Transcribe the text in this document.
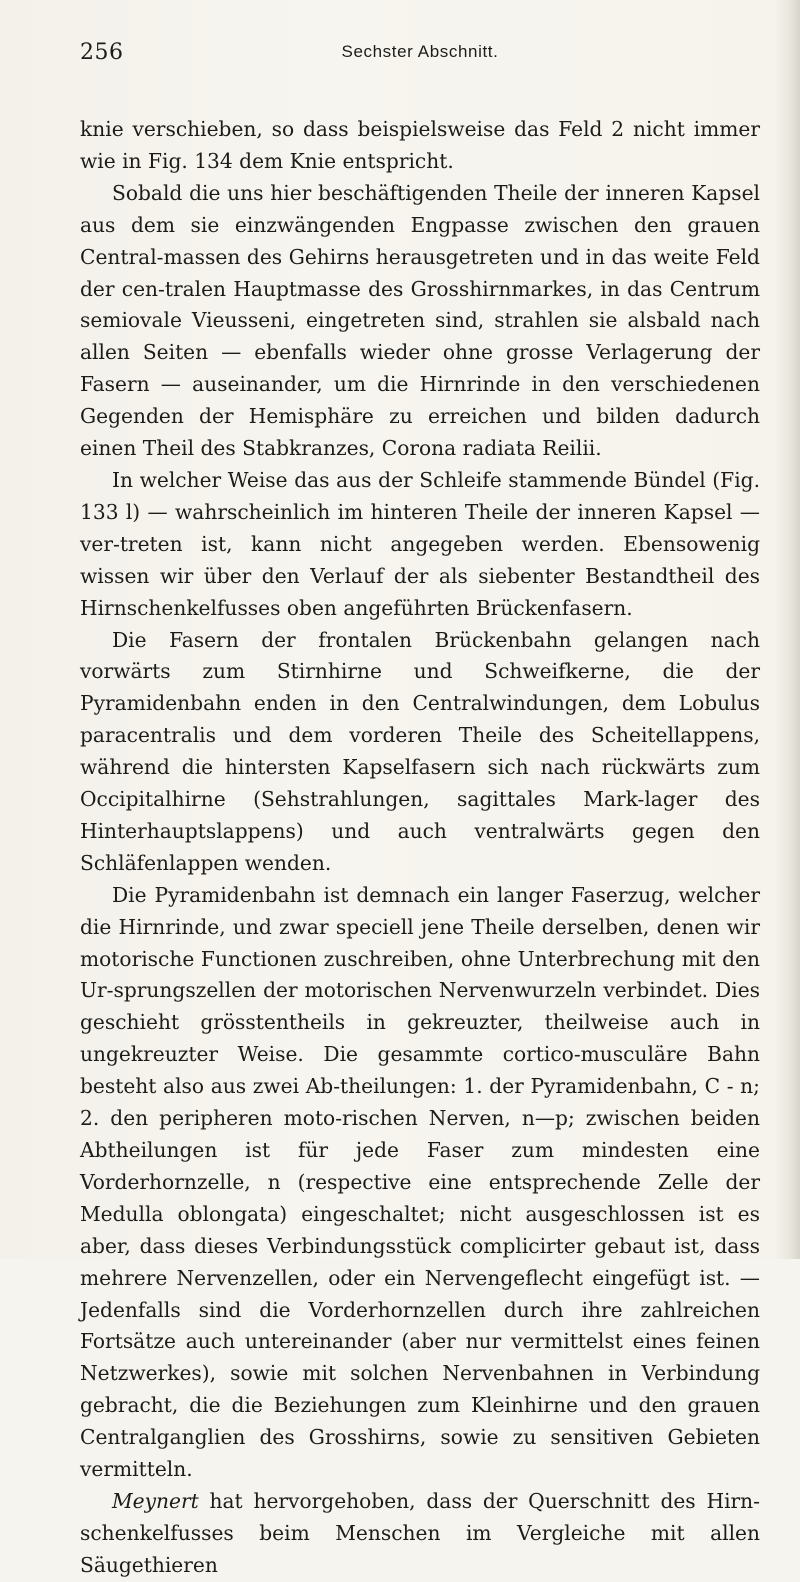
256	Sechster Abschnitt.

knie verschieben, so dass beispielsweise das Feld 2 nicht immer wie in Fig. 134 dem Knie entspricht.

Sobald die uns hier beschäftigenden Theile der inneren Kapsel aus dem sie einzwängenden Engpasse zwischen den grauen Central-massen des Gehirns herausgetreten und in das weite Feld der cen-tralen Hauptmasse des Grosshirnmarkes, in das Centrum semiovale Vieusseni, eingetreten sind, strahlen sie alsbald nach allen Seiten — ebenfalls wieder ohne grosse Verlagerung der Fasern — auseinander, um die Hirnrinde in den verschiedenen Gegenden der Hemisphäre zu erreichen und bilden dadurch einen Theil des Stabkranzes, Corona radiata Reilii.

In welcher Weise das aus der Schleife stammende Bündel (Fig. 133 l) — wahrscheinlich im hinteren Theile der inneren Kapsel — ver-treten ist, kann nicht angegeben werden. Ebensowenig wissen wir über den Verlauf der als siebenter Bestandtheil des Hirnschenkelfusses oben angeführten Brückenfasern.

Die Fasern der frontalen Brückenbahn gelangen nach vorwärts zum Stirnhirne und Schweifkerne, die der Pyramidenbahn enden in den Centralwindungen, dem Lobulus paracentralis und dem vorderen Theile des Scheitellappens, während die hintersten Kapselfasern sich nach rückwärts zum Occipitalhirne (Sehstrahlungen, sagittales Mark-lager des Hinterhauptslappens) und auch ventralwärts gegen den Schläfenlappen wenden.

Die Pyramidenbahn ist demnach ein langer Faserzug, welcher die Hirnrinde, und zwar speciell jene Theile derselben, denen wir motorische Functionen zuschreiben, ohne Unterbrechung mit den Ur-sprungszellen der motorischen Nervenwurzeln verbindet. Dies geschieht grösstentheils in gekreuzter, theilweise auch in ungekreuzter Weise. Die gesammte cortico-musculäre Bahn besteht also aus zwei Ab-theilungen: 1. der Pyramidenbahn, C - n; 2. den peripheren moto-rischen Nerven, n—p; zwischen beiden Abtheilungen ist für jede Faser zum mindesten eine Vorderhornzelle, n (respective eine entsprechende Zelle der Medulla oblongata) eingeschaltet; nicht ausgeschlossen ist es aber, dass dieses Verbindungsstück complicirter gebaut ist, dass mehrere Nervenzellen, oder ein Nervengeflecht eingefügt ist. — Jedenfalls sind die Vorderhornzellen durch ihre zahlreichen Fortsätze auch untereinander (aber nur vermittelst eines feinen Netzwerkes), sowie mit solchen Nervenbahnen in Verbindung gebracht, die die Beziehungen zum Kleinhirne und den grauen Centralganglien des Grosshirns, sowie zu sensitiven Gebieten vermitteln.

Meynert hat hervorgehoben, dass der Querschnitt des Hirn-schenkelfusses beim Menschen im Vergleiche mit allen Säugethieren
